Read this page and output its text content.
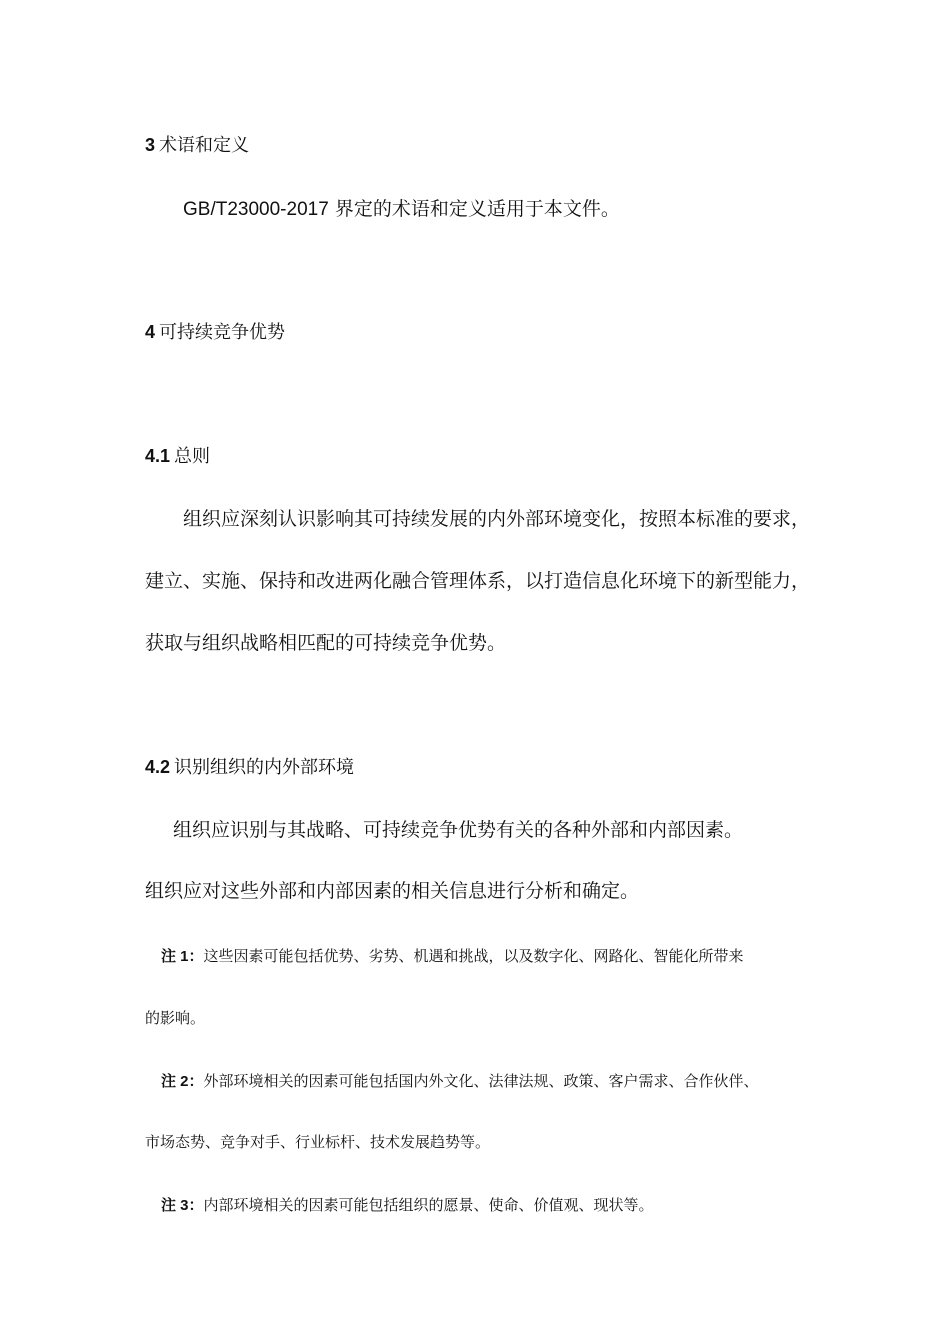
3 术语和定义

GB/T23000-2017 界定的术语和定义适用于本文件。

4 可持续竞争优势

4.1 总则

组织应深刻认识影响其可持续发展的内外部环境变化，按照本标准的要求，

建立、实施、保持和改进两化融合管理体系，以打造信息化环境下的新型能力，

获取与组织战略相匹配的可持续竞争优势。

4.2 识别组织的内外部环境

组织应识别与其战略、可持续竞争优势有关的各种外部和内部因素。

组织应对这些外部和内部因素的相关信息进行分析和确定。

注 1：这些因素可能包括优势、劣势、机遇和挑战，以及数字化、网路化、智能化所带来

的影响。

注 2：外部环境相关的因素可能包括国内外文化、法律法规、政策、客户需求、合作伙伴、

市场态势、竞争对手、行业标杆、技术发展趋势等。

注 3：内部环境相关的因素可能包括组织的愿景、使命、价值观、现状等。
